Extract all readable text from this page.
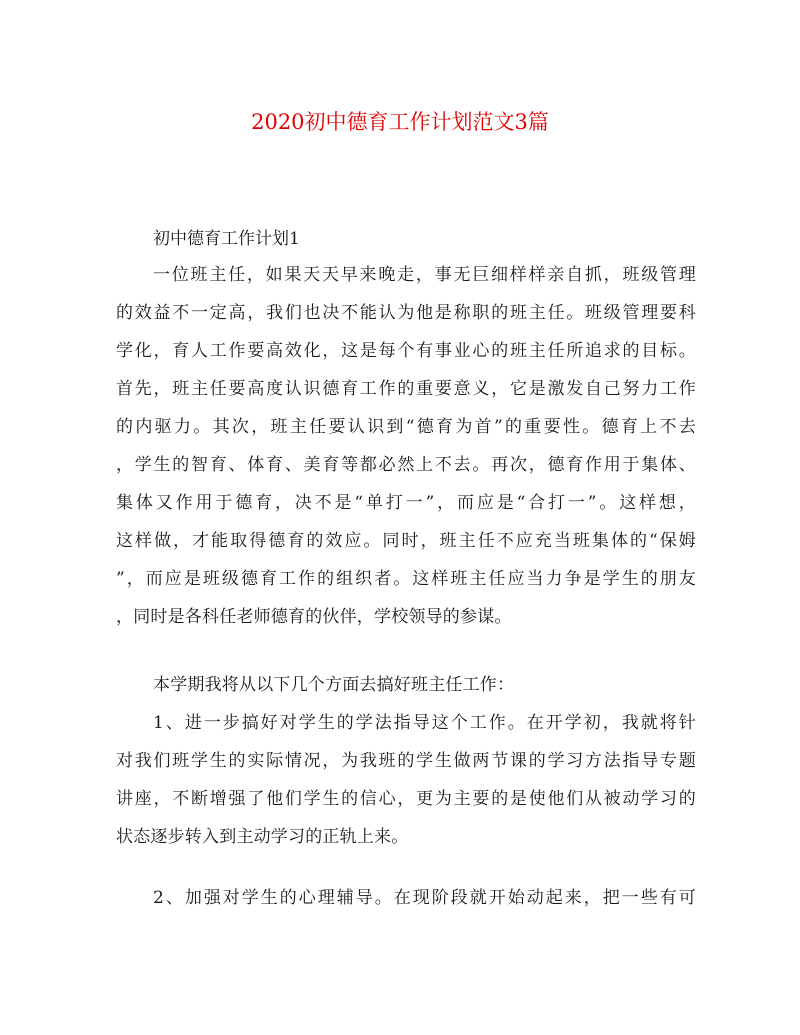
2020初中德育工作计划范文3篇
初中德育工作计划1
一位班主任，如果天天早来晚走，事无巨细样样亲自抓，班级管理
的效益不一定高，我们也决不能认为他是称职的班主任。班级管理要科
学化，育人工作要高效化，这是每个有事业心的班主任所追求的目标。
首先，班主任要高度认识德育工作的重要意义，它是激发自己努力工作
的内驱力。其次，班主任要认识到“德育为首”的重要性。德育上不去
，学生的智育、体育、美育等都必然上不去。再次，德育作用于集体、
集体又作用于德育，决不是“单打一”，而应是“合打一”。这样想，
这样做，才能取得德育的效应。同时，班主任不应充当班集体的“保姆
”，而应是班级德育工作的组织者。这样班主任应当力争是学生的朋友
，同时是各科任老师德育的伙伴，学校领导的参谋。
本学期我将从以下几个方面去搞好班主任工作：
1、进一步搞好对学生的学法指导这个工作。在开学初，我就将针
对我们班学生的实际情况，为我班的学生做两节课的学习方法指导专题
讲座，不断增强了他们学生的信心，更为主要的是使他们从被动学习的
状态逐步转入到主动学习的正轨上来。
2、加强对学生的心理辅导。在现阶段就开始动起来，把一些有可
